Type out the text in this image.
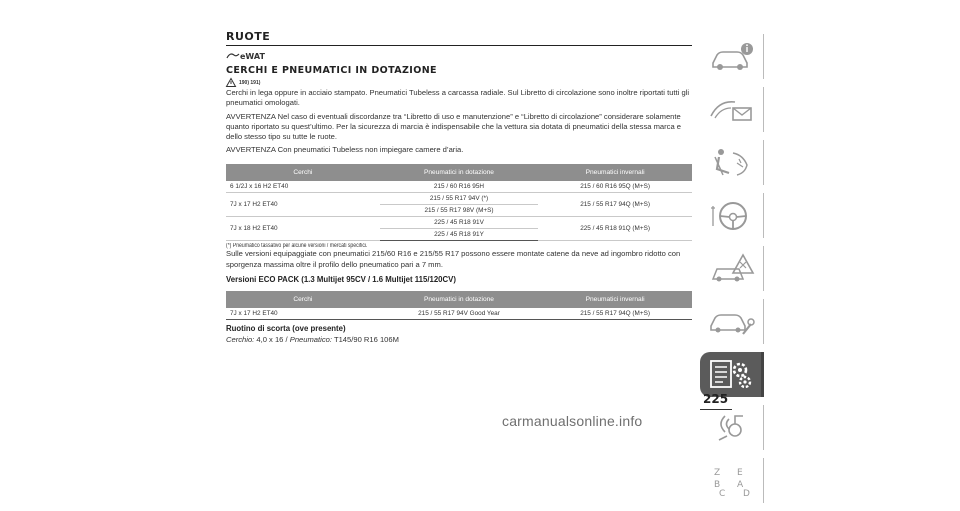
RUOTE
eWAT
CERCHI E PNEUMATICI IN DOTAZIONE
190) 191)

Cerchi in lega oppure in acciaio stampato. Pneumatici Tubeless a carcassa radiale. Sul Libretto di circolazione sono inoltre riportati tutti gli pneumatici omologati.

AVVERTENZA Nel caso di eventuali discordanze tra “Libretto di uso e manutenzione” e “Libretto di circolazione” considerare solamente quanto riportato su quest’ultimo. Per la sicurezza di marcia è indispensabile che la vettura sia dotata di pneumatici della stessa marca e dello stesso tipo su tutte le ruote.

AVVERTENZA Con pneumatici Tubeless non impiegare camere d’aria.

Cerchi	Pneumatici in dotazione	Pneumatici invernali
6 1/2J x 16 H2 ET40	215 / 60 R16 95H	215 / 60 R16 95Q (M+S)
7J x 17 H2 ET40	215 / 55 R17 94V (*)	215 / 55 R17 94Q (M+S)
	215 / 55 R17 98V (M+S)	
7J x 18 H2 ET40	225 / 45 R18 91V	225 / 45 R18 91Q (M+S)
	225 / 45 R18 91Y	
(*) Pneumatico tassativo per alcune versioni / mercati specifici.

Sulle versioni equipaggiate con pneumatici 215/60 R16 e 215/55 R17 possono essere montate catene da neve ad ingombro ridotto con sporgenza massima oltre il profilo dello pneumatico pari a 7 mm.

Versioni ECO PACK (1.3 Multijet 95CV / 1.6 Multijet 115/120CV)
Cerchi	Pneumatici in dotazione	Pneumatici invernali
7J x 17 H2 ET40	215 / 55 R17 94V Good Year	215 / 55 R17 94Q (M+S)
Ruotino di scorta (ove presente)

Cerchio: 4,0 x 16 / Pneumatico: T145/90 R16 106M

Z E
B A
C D
225
carmanualsonline.info
